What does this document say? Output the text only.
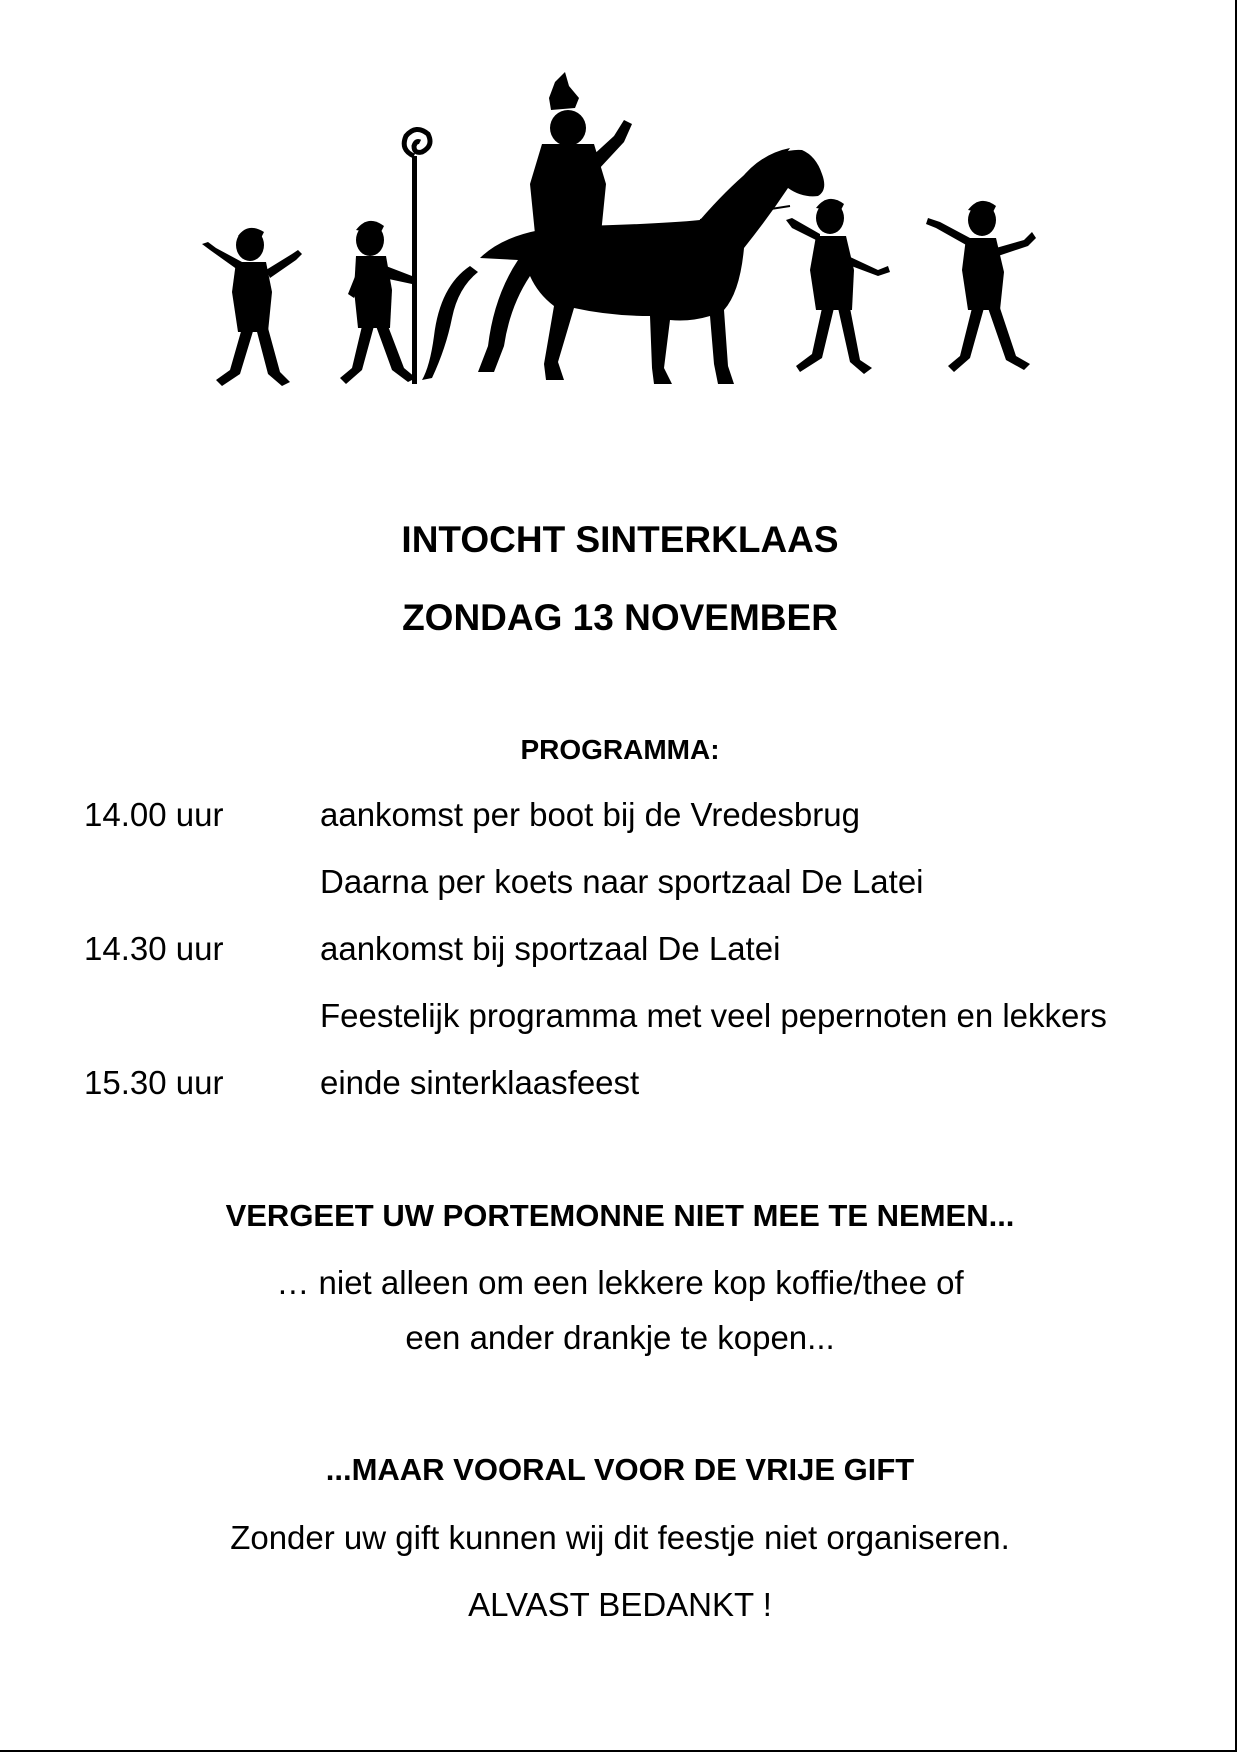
INTOCHT SINTERKLAAS
ZONDAG 13 NOVEMBER
PROGRAMMA:
14.00 uur	aankomst per boot bij de Vredesbrug
Daarna per koets naar sportzaal De Latei
14.30 uur	aankomst bij sportzaal De Latei
Feestelijk programma met veel pepernoten en lekkers
15.30 uur	einde sinterklaasfeest
VERGEET UW PORTEMONNE NIET MEE TE NEMEN...
… niet alleen om een lekkere kop koffie/thee of
een ander drankje te kopen...
...MAAR VOORAL VOOR DE VRIJE GIFT
Zonder uw gift kunnen wij dit feestje niet organiseren.
ALVAST BEDANKT !
